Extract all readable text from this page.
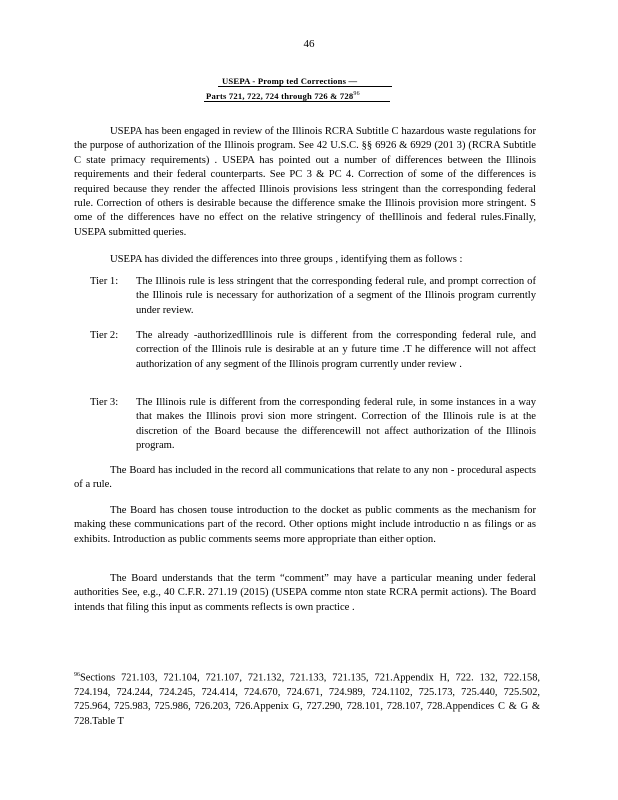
46
USEPA - Promp ted Corrections —
Parts 721, 722, 724 through 726 & $728^{96}$
USEPA has been engaged in review of the Illinois RCRA Subtitle C hazardous waste regulations for the purpose of authorization of the Illinois program. See 42 U.S.C. §§ 6926 & 6929 (201 3) (RCRA Subtitle C state primacy requirements) . USEPA has pointed out a number of differences between the Illinois requirements and their federal counterparts. See PC 3 & PC 4. Correction of some of the differences is required because they render the affected Illinois provisions less stringent than the corresponding federal rule. Correction of others is desirable because the difference smake the Illinois provision more stringent. S ome of the differences have no effect on the relative stringency of theIllinois and federal rules.Finally, USEPA submitted queries.
USEPA has divided the differences into three groups , identifying them as follows :
Tier 1:	The Illinois rule is less stringent that the corresponding federal rule, and prompt correction of the Illinois rule is necessary for authorization of a segment of the Illinois program currently under review.
Tier 2:	The already -authorizedIllinois rule is different from the corresponding federal rule, and correction of the Illinois rule is desirable at an y future time .T he difference will not affect authorization of any segment of the Illinois program currently under review .
Tier 3:	The Illinois rule is different from the corresponding federal rule, in some instances in a way that makes the Illinois provi sion more stringent. Correction of the Illinois rule is at the discretion of the Board because the differencewill not affect authorization of the Illinois program.
The Board has included in the record all communications that relate to any non - procedural aspects of a rule.
The Board has chosen touse introduction to the docket as public comments as the mechanism for making these communications part of the record. Other options might include introductio n as filings or as exhibits. Introduction as public comments seems more appropriate than either option.
The Board understands that the term “comment” may have a particular meaning under federal authorities See, e.g., 40 C.F.R. 271.19 (2015) (USEPA comme nton state RCRA permit actions). The Board intends that filing this input as comments reflects is own practice .
$^{96}$Sections 721.103, 721.104, 721.107, 721.132, 721.133, 721.135, 721.Appendix H, 722. 132, 722.158, 724.194, 724.244, 724.245, 724.414, 724.670, 724.671, 724.989, 724.1102, 725.173, 725.440, 725.502, 725.964, 725.983, 725.986, 726.203, 726.Appenix G, 727.290, 728.101, 728.107, 728.Appendices C & G & 728.Table T
